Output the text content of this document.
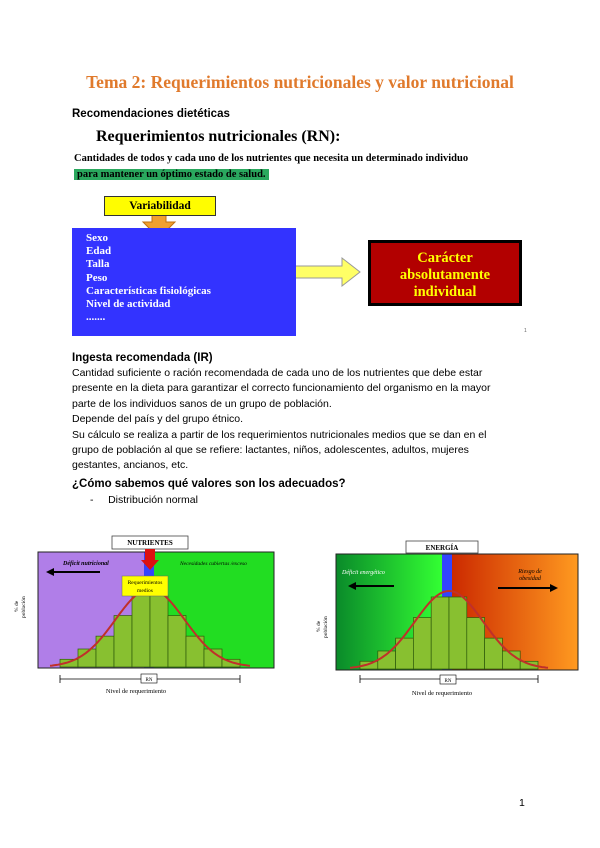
Tema 2: Requerimientos nutricionales y valor nutricional
Recomendaciones dietéticas
Requerimientos nutricionales (RN):
Cantidades de todos y cada uno de los nutrientes que necesita un determinado individuo
para mantener un óptimo estado de salud.
Variabilidad
Sexo
Edad
Talla
Peso
Características fisiológicas
Nivel de actividad
.......
Carácter
absolutamente
individual
1
Ingesta recomendada (IR)
Cantidad suficiente o ración recomendada de cada uno de los nutrientes que debe estar
presente en la dieta para garantizar el correcto funcionamiento del organismo en la mayor
parte de los individuos sanos de un grupo de población.
Depende del país y del grupo étnico.
Su cálculo se realiza a partir de los requerimientos nutricionales medios que se dan en el
grupo de población al que se refiere: lactantes, niños, adolescentes, adultos, mujeres
gestantes, ancianos, etc.
¿Cómo sabemos qué valores son los adecuados?
- Distribución normal
NUTRIENTES
Déficit nutricional	Necesidades cubiertas /exceso
Requerimientos
medios
% de población
RN
Nivel de requerimiento
ENERGÍA
Déficit energético	Riesgo de
obesidad
% de población
RN
Nivel de requerimiento
1
